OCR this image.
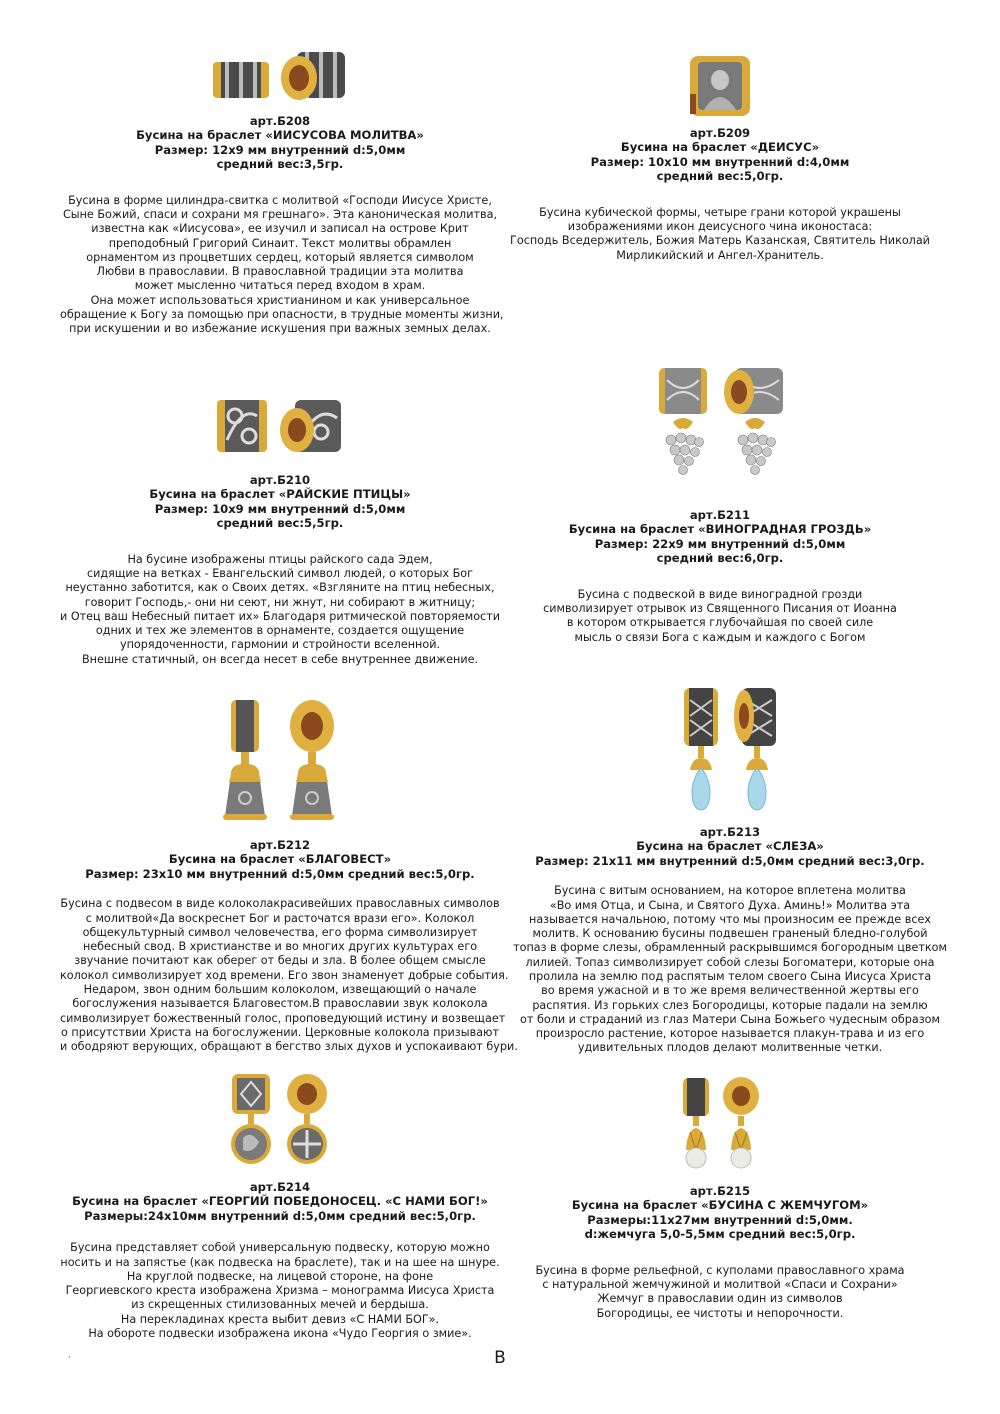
арт.Б208
Бусина на браслет «ИИСУСОВА МОЛИТВА»
Размер: 12х9 мм внутренний d:5,0мм
средний вес:3,5гр.
Бусина в форме цилиндра-свитка с молитвой «Господи Иисусе Христе,
Сыне Божий, спаси и сохрани мя грешнаго». Эта каноническая молитва,
известна как «Иисусова», ее изучил и записал на острове Крит
преподобный Григорий Синаит. Текст молитвы обрамлен
орнаментом из процветших сердец, который является символом
Любви в православии. В православной традиции эта молитва
может мысленно читаться перед входом в храм.
Она может использоваться христианином и как универсальное
обращение к Богу за помощью при опасности, в трудные моменты жизни,
при искушении и во избежание искушения при важных земных делах.
арт.Б209
Бусина на браслет «ДЕИСУС»
Размер: 10х10 мм внутренний d:4,0мм
средний вес:5,0гр.
Бусина кубической формы, четыре грани которой украшены
изображениями икон деисусного чина иконостаса:
Господь Вседержитель, Божия Матерь Казанская, Святитель Николай
Мирликийский и Ангел-Хранитель.
арт.Б210
Бусина на браслет «РАЙСКИЕ ПТИЦЫ»
Размер: 10х9 мм внутренний d:5,0мм
средний вес:5,5гр.
На бусине изображены птицы райского сада Эдем,
сидящие на ветках - Евангельский символ людей, о которых Бог
неустанно заботится, как о Своих детях. «Взгляните на птиц небесных,
говорит Господь,- они ни сеют, ни жнут, ни собирают в житницу;
и Отец ваш Небесный питает их» Благодаря ритмической повторяемости
одних и тех же элементов в орнаменте, создается ощущение
упорядоченности, гармонии и стройности вселенной.
Внешне статичный, он всегда несет в себе внутреннее движение.
арт.Б211
Бусина на браслет «ВИНОГРАДНАЯ ГРОЗДЬ»
Размер: 22х9 мм внутренний d:5,0мм
средний вес:6,0гр.
Бусина с подвеской в виде виноградной грозди
символизирует отрывок из Священного Писания от Иоанна
в котором открывается глубочайшая по своей силе
мысль о связи Бога с каждым и каждого с Богом
арт.Б212
Бусина на браслет «БЛАГОВЕСТ»
Размер: 23х10 мм внутренний d:5,0мм средний вес:5,0гр.
Бусина с подвесом в виде колоколакрасивейших православных символов
с молитвой«Да воскреснет Бог и расточатся врази его». Колокол
общекультурный символ человечества, его форма символизирует
небесный свод. В христианстве и во многих других культурах его
звучание почитают как оберег от беды и зла. В более общем смысле
колокол символизирует ход времени. Его звон знаменует добрые события.
Недаром, звон одним большим колоколом, извещающий о начале
богослужения называется Благовестом.В православии звук колокола
символизирует божественный голос, проповедующий истину и возвещает
о присутствии Христа на богослужении. Церковные колокола призывают
и ободряют верующих, обращают в бегство злых духов и успокаивают бури.
арт.Б213
Бусина на браслет «СЛЕЗА»
Размер: 21х11 мм внутренний d:5,0мм средний вес:3,0гр.
Бусина с витым основанием, на которое вплетена молитва
«Во имя Отца, и Сына, и Святого Духа. Аминь!» Молитва эта
называется начальною, потому что мы произносим ее прежде всех
молитв. К основанию бусины подвешен граненый бледно-голубой
топаз в форме слезы, обрамленный раскрывшимся богородным цветком
лилией. Топаз символизирует собой слезы Богоматери, которые она
пролила на землю под распятым телом своего Сына Иисуса Христа
во время ужасной и в то же время величественной жертвы его
распятия. Из горьких слез Богородицы, которые падали на землю
от боли и страданий из глаз Матери Сына Божьего чудесным образом
произросло растение, которое называется плакун-трава и из его
удивительных плодов делают молитвенные четки.
арт.Б214
Бусина на браслет «ГЕОРГИЙ ПОБЕДОНОСЕЦ. «С НАМИ БОГ!»
Размеры:24х10мм внутренний d:5,0мм средний вес:5,0гр.
Бусина представляет собой универсальную подвеску, которую можно
носить и на запястье (как подвеска на браслете), так и на шее на шнуре.
На круглой подвеске, на лицевой стороне, на фоне
Георгиевского креста изображена Хризма – монограмма Иисуса Христа
из скрещенных стилизованных мечей и бердыша.
На перекладинах креста выбит девиз «С НАМИ БОГ».
На обороте подвески изображена икона «Чудо Георгия о змие».
арт.Б215
Бусина на браслет «БУСИНА С ЖЕМЧУГОМ»
Размеры:11х27мм внутренний d:5,0мм.
d:жемчуга 5,0-5,5мм средний вес:5,0гр.
Бусина в форме рельефной, с куполами православного храма
с натуральной жемчужиной и молитвой «Спаси и Сохрани»
Жемчуг в православии один из символов
Богородицы, ее чистоты и непорочности.
,	В
